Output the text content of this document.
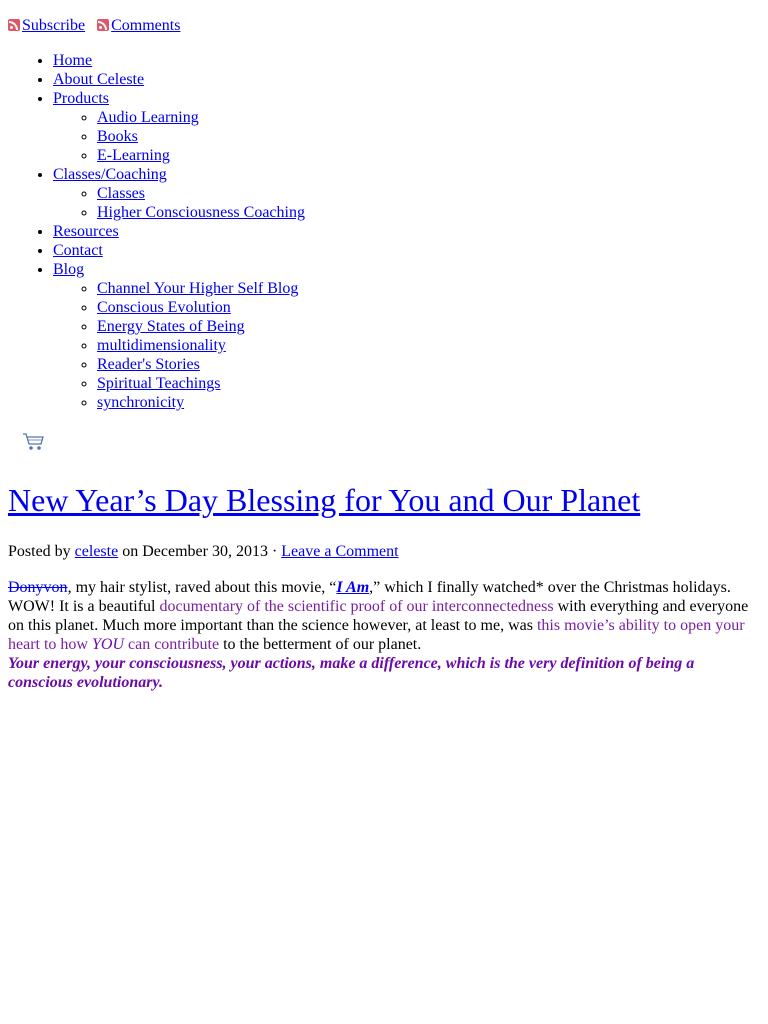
Subscribe Comments
• Home
• About Celeste
• Products
◦ Audio Learning
◦ Books
◦ E-Learning
• Classes/Coaching
◦ Classes
◦ Higher Consciousness Coaching
• Resources
• Contact
• Blog
◦ Channel Your Higher Self Blog
◦ Conscious Evolution
◦ Energy States of Being
◦ multidimensionality
◦ Reader's Stories
◦ Spiritual Teachings
◦ synchronicity
New Year’s Day Blessing for You and Our Planet
Posted by celeste on December 30, 2013 · Leave a Comment

Donyvon, my hair stylist, raved about this movie, “I Am,” which I finally watched* over the Christmas holidays. WOW! It is a beautiful documentary of the scientific proof of our interconnectedness with everything and everyone on this planet. Much more important than the science however, at least to me, was this movie’s ability to open your heart to how YOU can contribute to the betterment of our planet.

Your energy, your consciousness, your actions, make a difference, which is the very definition of being a conscious evolutionary.
